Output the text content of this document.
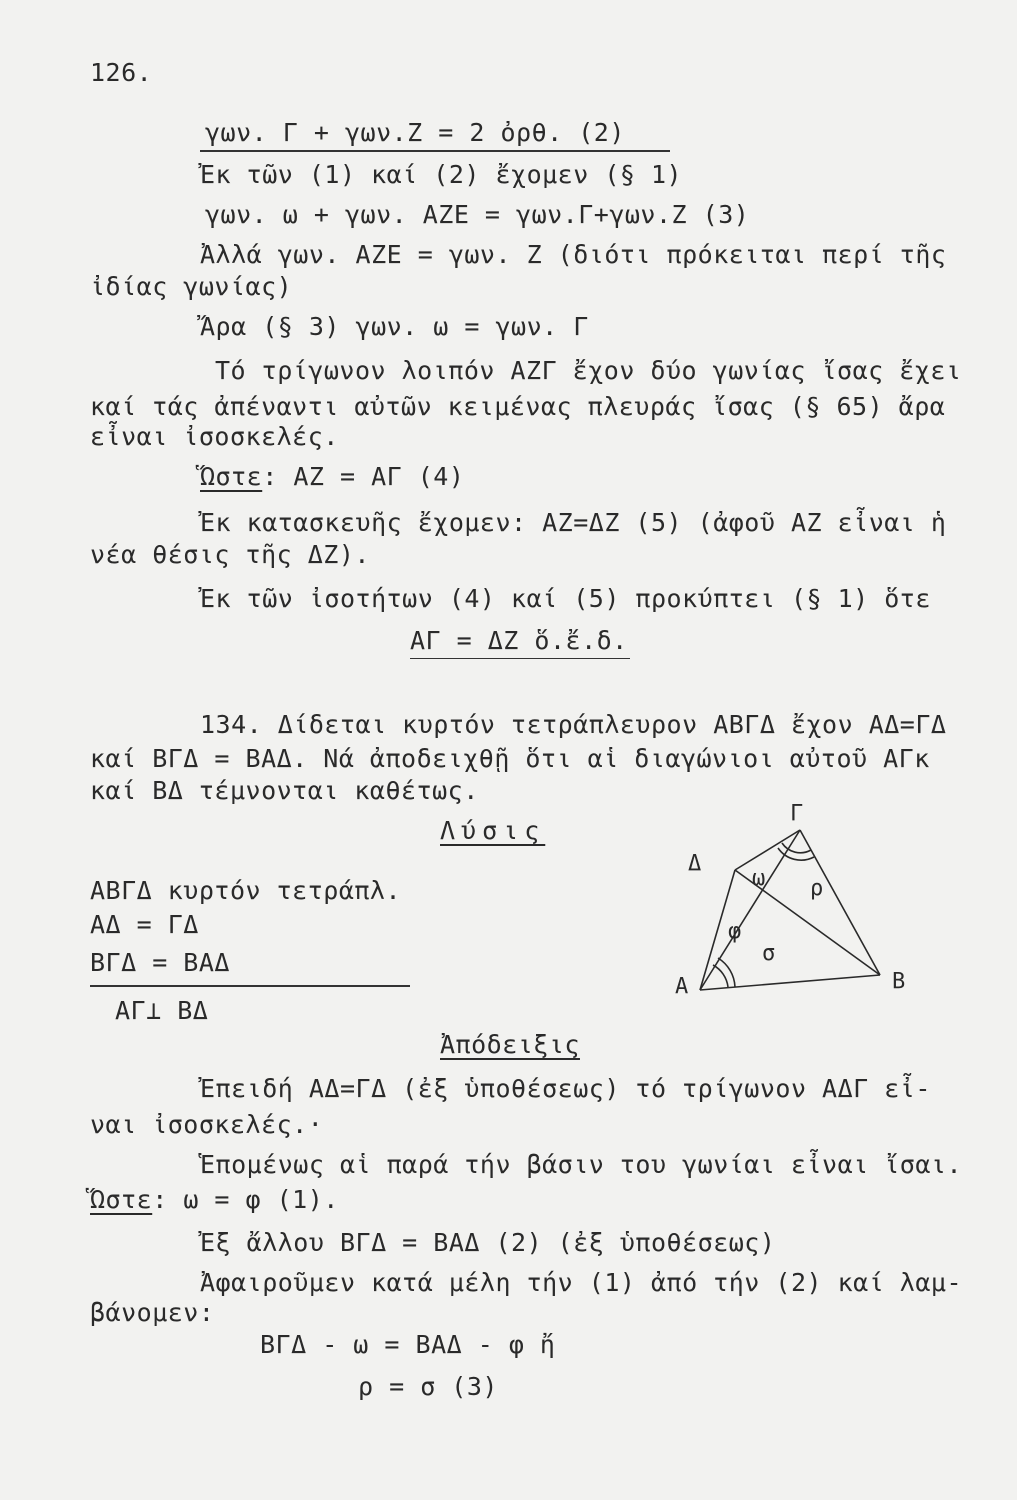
126.
γων. Γ + γων.Ζ = 2 ὀρθ. (2)
Ἐκ τῶν (1) καί (2) ἔχομεν (§ 1)
γων. ω + γων. ΑΖΕ = γων.Γ+γων.Ζ (3)
Ἀλλά γων. ΑΖΕ = γων. Ζ (διότι πρόκειται περί τῆς
ἰδίας γωνίας)
Ἄρα (§ 3) γων. ω = γων. Γ
Τό τρίγωνον λοιπόν ΑΖΓ ἔχον δύο γωνίας ἴσας ἔχει
καί τάς ἀπέναντι αὐτῶν κειμένας πλευράς ἴσας (§ 65) ἄρα
εἶναι ἰσοσκελές.
Ὥστε: ΑΖ = ΑΓ (4)
Ἐκ κατασκευῆς ἔχομεν: ΑΖ=ΔΖ (5) (ἀφοῦ ΑΖ εἶναι ἡ
νέα θέσις τῆς ΔΖ).
Ἐκ τῶν ἰσοτήτων (4) καί (5) προκύπτει (§ 1) ὅτε
ΑΓ = ΔΖ ὅ.ἔ.δ.
134. Δίδεται κυρτόν τετράπλευρον ΑΒΓΔ ἔχον ΑΔ=ΓΔ
καί ΒΓΔ = ΒΑΔ. Νά ἀποδειχθῇ ὅτι αἱ διαγώνιοι αὐτοῦ ΑΓκ
καί ΒΔ τέμνονται καθέτως.
Λύσις
ΑΒΓΔ κυρτόν τετράπλ.
ΑΔ = ΓΔ
ΒΓΔ = ΒΑΔ
ΑΓ⊥ ΒΔ
Α	Β
Γ
Δ
ω ρ
φ
σ
Ἀπόδειξις
Ἐπειδή ΑΔ=ΓΔ (ἐξ ὑποθέσεως) τό τρίγωνον ΑΔΓ εἶ-
ναι ἰσοσκελές.·
Ἑπομένως αἱ παρά τήν βάσιν του γωνίαι εἶναι ἴσαι.
Ὥστε: ω = φ (1).
Ἐξ ἄλλου ΒΓΔ = ΒΑΔ (2) (ἐξ ὑποθέσεως)
Ἀφαιροῦμεν κατά μέλη τήν (1) ἀπό τήν (2) καί λαμ-
βάνομεν:
ΒΓΔ - ω = ΒΑΔ - φ ἤ
ρ = σ (3)
